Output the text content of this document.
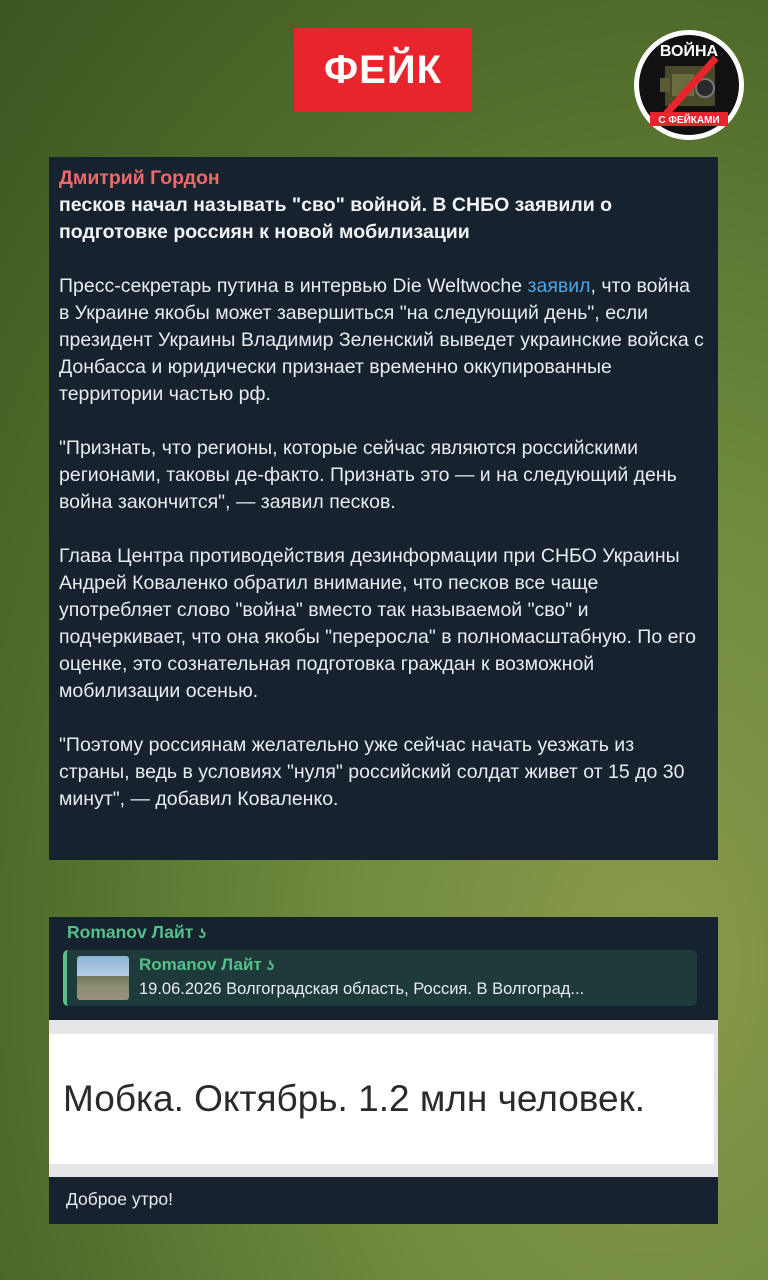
ФЕЙК	ВОЙНА
С ФЕЙКАМИ
Дмитрий Гордон
песков начал называть "сво" войной. В СНБО заявили о подготовке россиян к новой мобилизации
Пресс-секретарь путина в интервью Die Weltwoche заявил, что война в Украине якобы может завершиться "на следующий день", если президент Украины Владимир Зеленский выведет украинские войска с Донбасса и юридически признает временно оккупированные территории частью рф.
"Признать, что регионы, которые сейчас являются российскими регионами, таковы де-факто. Признать это — и на следующий день война закончится", — заявил песков.
Глава Центра противодействия дезинформации при СНБО Украины Андрей Коваленко обратил внимание, что песков все чаще употребляет слово "война" вместо так называемой "сво" и подчеркивает, что она якобы "переросла" в полномасштабную. По его оценке, это сознательная подготовка граждан к возможной мобилизации осенью.
"Поэтому россиянам желательно уже сейчас начать уезжать из страны, ведь в условиях "нуля" российский солдат живет от 15 до 30 минут", — добавил Коваленко.
Romanov Лайт ʖ
Romanov Лайт ʖ
19.06.2026 Волгоградская область, Россия. В Волгоград...
Мобка. Октябрь. 1.2 млн человек.
Доброе утро!
